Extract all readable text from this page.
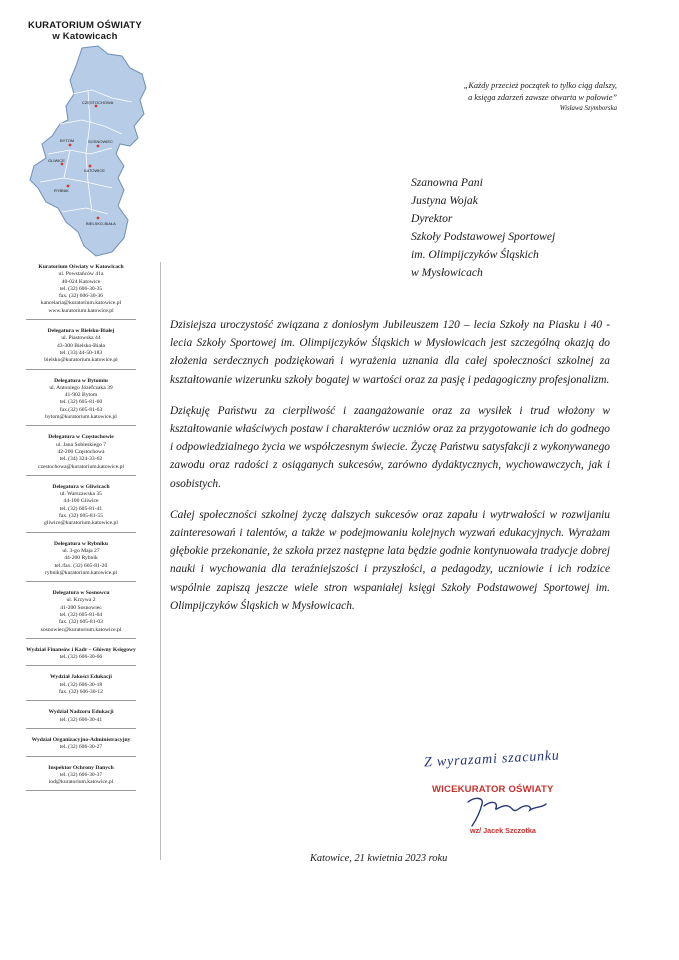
KURATORIUM OŚWIATY
w Katowicach
CZĘSTOCHOWA
BYTOM	SOSNOWIEC
GLIWICE
KATOWICE
RYBNIK
BIELSKO-BIAŁA
Kuratorium Oświaty w Katowicach
ul. Powstańców 41a
40-024 Katowice
tel. (32) 606-30-35
fax. (32) 606-30-36
kancelaria@kuratorium.katowice.pl
www.kuratorium.katowice.pl
Delegatura w Bielsku-Białej
ul. Piastowska 44
43-300 Bielsko-Biała
tel. (33) 44-50-183
bielsko@kuratorium.katowice.pl
Delegatura w Bytomiu
ul. Antoniego Józefczaka 39
41-902 Bytom
tel. (32) 605-81-60
fax.(32) 605-81-63
bytom@kuratorium.katowice.pl
Delegatura w Częstochowie
ul. Jana Sobieskiego 7
42-200 Częstochowa
tel. (34) 324-33-62
czestochowa@kuratorium.katowice.pl
Delegatura w Gliwicach
ul. Warszawska 35
44-100 Gliwice
tel. (32) 605-81-41
fax. (32) 605-81-55
gliwice@kuratorium.katowice.pl
Delegatura w Rybniku
ul. 3-go Maja 27
44-200 Rybnik
tel./fax. (32) 605-81-20
rybnik@kuratorium.katowice.pl
Delegatura w Sosnowcu
ul. Krzywa 2
41-200 Sosnowiec
tel. (32) 605-81-04
fax. (32) 605-81-03
sosnowiec@kuratorium.katowice.pl
Wydział Finansów i Kadr – Główny Księgowy
tel. (32) 606-30-66
Wydział Jakości Edukacji
tel. (32) 606-30-18
fax. (32) 606-30-12
Wydział Nadzoru Edukacji
tel. (32) 606-30-41
Wydział Organizacyjno-Administracyjny
tel. (32) 606-30-27
Inspektor Ochrony Danych
tel. (32) 606-30-37
iod@kuratorium.katowice.pl
„Każdy przecież początek to tylko ciąg dalszy,
a księga zdarzeń zawsze otwarta w połowie”
Wisława Szymborska
Szanowna Pani
Justyna Wojak
Dyrektor
Szkoły Podstawowej Sportowej
im. Olimpijczyków Śląskich
w Mysłowicach

Dzisiejsza uroczystość związana z doniosłym Jubileuszem 120 – lecia Szkoły na Piasku i 40 - lecia Szkoły Sportowej im. Olimpijczyków Śląskich w Mysłowicach jest szczególną okazją do złożenia serdecznych podziękowań i wyrażenia uznania dla całej społeczności szkolnej za kształtowanie wizerunku szkoły bogatej w wartości oraz za pasję i pedagogiczny profesjonalizm.

Dziękuję Państwu za cierpliwość i zaangażowanie oraz za wysiłek i trud włożony w kształtowanie właściwych postaw i charakterów uczniów oraz za przygotowanie ich do godnego i odpowiedzialnego życia we współczesnym świecie. Życzę Państwu satysfakcji z wykonywanego zawodu oraz radości z osiąganych sukcesów, zarówno dydaktycznych, wychowawczych, jak i osobistych.

Całej społeczności szkolnej życzę dalszych sukcesów oraz zapału i wytrwałości w rozwijaniu zainteresowań i talentów, a także w podejmowaniu kolejnych wyzwań edukacyjnych. Wyrażam głębokie przekonanie, że szkoła przez następne lata będzie godnie kontynuowała tradycje dobrej nauki i wychowania dla teraźniejszości i przyszłości, a pedagodzy, uczniowie i ich rodzice wspólnie zapiszą jeszcze wiele stron wspaniałej księgi Szkoły Podstawowej Sportowej im. Olimpijczyków Śląskich w Mysłowicach.

Z wyrazami szacunku
WICEKURATOR OŚWIATY
wz/ Jacek Szczotka
Katowice, 21 kwietnia 2023 roku
